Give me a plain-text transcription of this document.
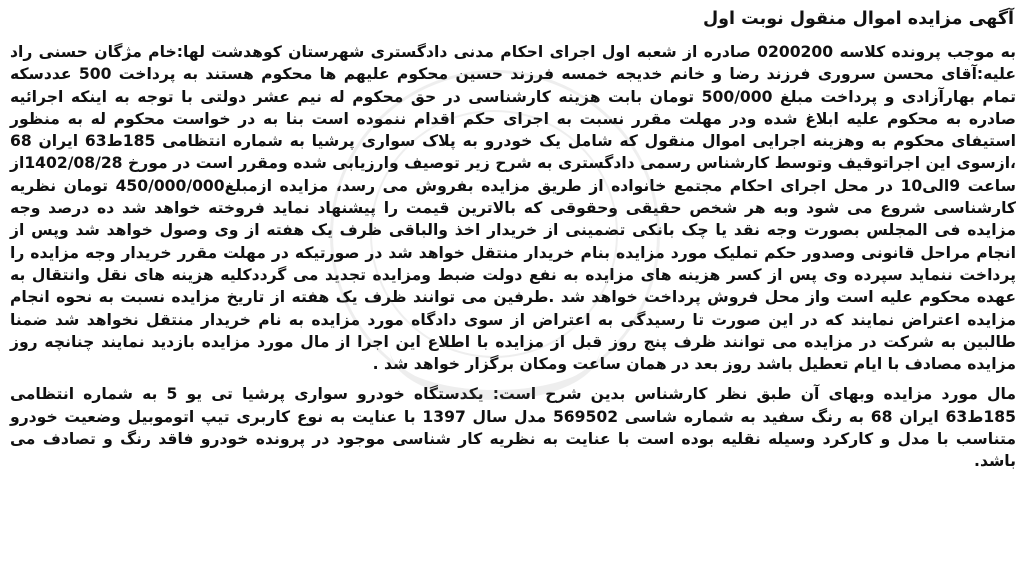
آگهی مزایده اموال منقول نوبت اول

به موجب پرونده کلاسه 0200200 صادره از شعبه اول اجرای احکام مدنی دادگستری شهرستان کوهدشت لها:خام مژگان حسنی راد علیه:آقای محسن سروری فرزند رضا و خانم خدیجه خمسه فرزند حسین محکوم علیهم ها محکوم هستند به پرداخت 500 عددسکه تمام بهارآزادی و پرداخت مبلغ 500/000 تومان بابت هزینه کارشناسی در حق محکوم له نیم عشر دولتی با توجه به اینکه اجرائیه صادره به محکوم علیه ابلاغ شده ودر مهلت مقرر نسبت به اجرای حکم اقدام ننموده است بنا به در خواست محکوم له به منظور استیفای محکوم به وهزینه اجرایی اموال منقول که شامل یک خودرو به پلاک سواری پرشیا به شماره انتظامی 185ط63 ایران 68 ،ازسوی این اجراتوقیف وتوسط کارشناس رسمی دادگستری به شرح زیر توصیف وارزیابی شده ومقرر است در مورخ 1402/08/28از ساعت 9الی10 در محل اجرای احکام مجتمع خانواده از طریق مزایده بفروش می رسد، مزایده ازمبلغ450/000/000 تومان نظریه کارشناسی شروع می شود وبه هر شخص حقیقی وحقوقی که بالاترین قیمت را پیشنهاد نماید فروخته خواهد شد ده درصد وجه مزایده فی المجلس بصورت وجه نقد یا چک بانکی تضمینی از خریدار اخذ والباقی ظرف یک هفته از وی وصول خواهد شد وپس از انجام مراحل قانونی وصدور حکم تملیک مورد مزایده بنام خریدار منتقل خواهد شد در صورتیکه در مهلت مقرر خریدار وجه مزایده را پرداخت ننماید سپرده وی پس از کسر هزینه های مزایده به نفع دولت ضبط ومزایده تجدید می گرددکلیه هزینه های نقل وانتقال به عهده محکوم علیه است واز محل فروش پرداخت خواهد شد .طرفین می توانند ظرف یک هفته از تاریخ مزایده نسبت به نحوه انجام مزایده اعتراض نمایند که در این صورت تا رسیدگی به اعتراض از سوی دادگاه مورد مزایده به نام خریدار منتقل نخواهد شد ضمنا طالبین به شرکت در مزایده می توانند ظرف پنج روز قبل از مزایده با اطلاع این اجرا از مال مورد مزایده بازدید نمایند چنانچه روز مزایده مصادف با ایام تعطیل باشد روز بعد در همان ساعت ومکان برگزار خواهد شد .

مال مورد مزایده وبهای آن طبق نظر کارشناس بدین شرح است: یکدستگاه خودرو سواری پرشیا تی یو 5 به شماره انتظامی 185ط63 ایران 68 به رنگ سفید به شماره شاسی 569502 مدل سال 1397 با عنایت به نوع کاربری تیپ اتوموبیل وضعیت خودرو متناسب با مدل و کارکرد وسیله نقلیه بوده است با عنایت به نظریه کار شناسی موجود در پرونده خودرو فاقد رنگ و تصادف می باشد.
